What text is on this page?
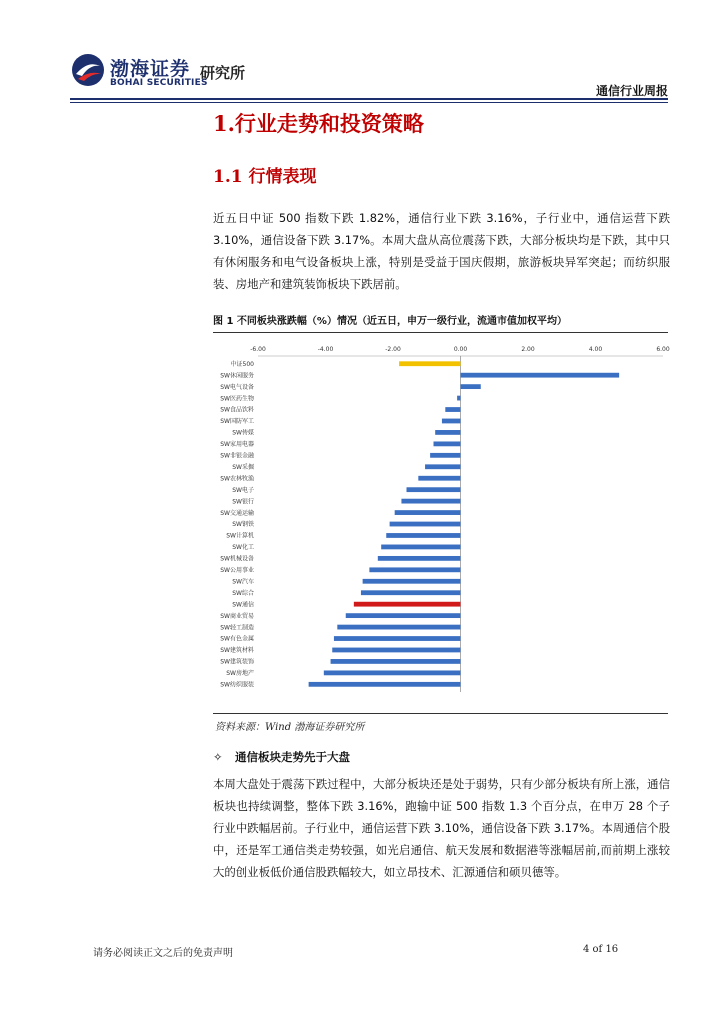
渤海证券
BOHAI SECURITIES
研究所
通信行业周报
1.行业走势和投资策略
1.1 行情表现
近五日中证 500 指数下跌 1.82%，通信行业下跌 3.16%，子行业中，通信运营下跌 3.10%，通信设备下跌 3.17%。本周大盘从高位震荡下跌，大部分板块均是下跌，其中只有休闲服务和电气设备板块上涨，特别是受益于国庆假期，旅游板块异军突起；而纺织服装、房地产和建筑装饰板块下跌居前。
图 1 不同板块涨跌幅（%）情况（近五日，申万一级行业，流通市值加权平均）
-6.00	-4.00	-2.00	0.00	2.00	4.00	6.00
中证500
SW休闲服务
SW电气设备
SW医药生物
SW食品饮料
SW国防军工
SW传媒
SW家用电器
SW非银金融
SW采掘
SW农林牧渔
SW电子
SW银行
SW交通运输
SW钢铁
SW计算机
SW化工
SW机械设备
SW公用事业
SW汽车
SW综合
SW通信
SW商业贸易
SW轻工制造
SW有色金属
SW建筑材料
SW建筑装饰
SW房地产
SW纺织服装
资料来源：Wind 渤海证券研究所
✧ 通信板块走势先于大盘
本周大盘处于震荡下跌过程中，大部分板块还是处于弱势，只有少部分板块有所上涨，通信板块也持续调整，整体下跌 3.16%，跑输中证 500 指数 1.3 个百分点，在申万 28 个子行业中跌幅居前。子行业中，通信运营下跌 3.10%，通信设备下跌 3.17%。本周通信个股中，还是军工通信类走势较强，如光启通信、航天发展和数据港等涨幅居前,而前期上涨较大的创业板低价通信股跌幅较大，如立昂技术、汇源通信和硕贝德等。
请务必阅读正文之后的免责声明	4 of 16
